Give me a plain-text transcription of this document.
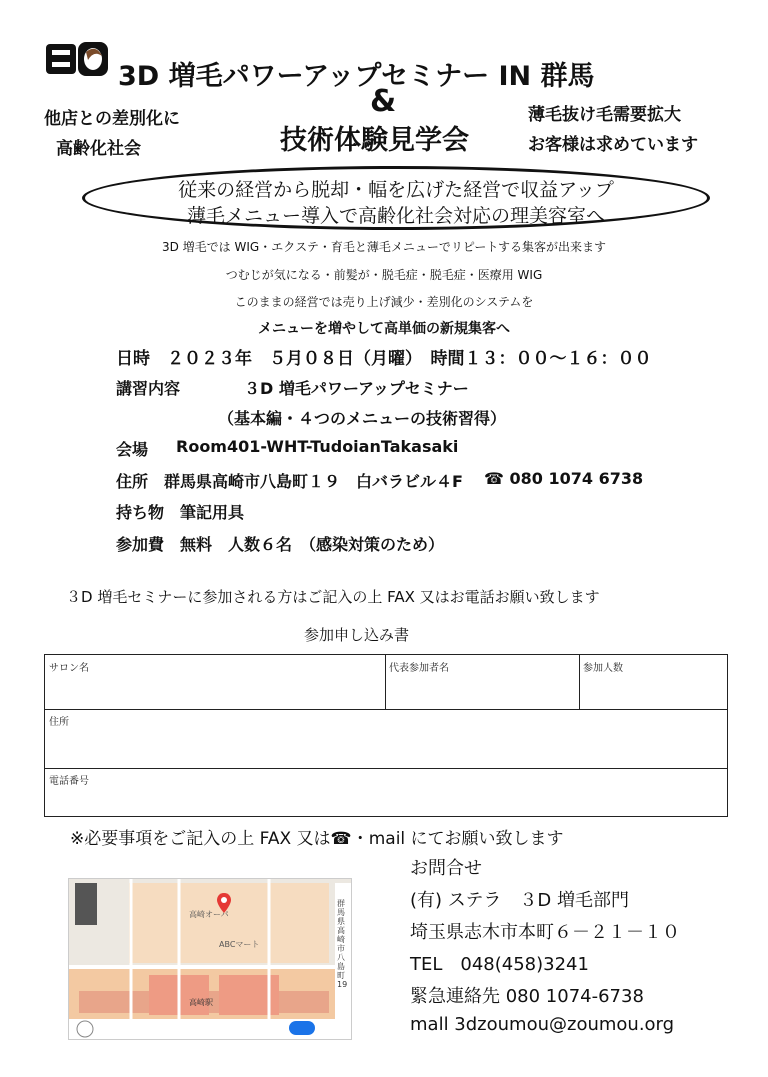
3D 増毛パワーアップセミナー IN 群馬
&
技術体験見学会
他店との差別化に
高齢化社会
薄毛抜け毛需要拡大
お客様は求めています
従来の経営から脱却・幅を広げた経営で収益アップ
薄毛メニュー導入で高齢化社会対応の理美容室へ
3D 増毛では WIG・エクステ・育毛と薄毛メニューでリピートする集客が出来ます
つむじが気になる・前髪が・脱毛症・脱毛症・医療用 WIG
このままの経営では売り上げ減少・差別化のシステムを
メニューを増やして高単価の新規集客へ
日時　２０２３年　５月０８日（月曜）　時間１３：００～１６：００
講習内容	３D 増毛パワーアップセミナー
（基本編・４つのメニューの技術習得）
会場 Room401-WHT-TudoianTakasaki
住所　群馬県高崎市八島町１９　白バラビル４F ☎ 080 1074 6738
持ち物　筆記用具
参加費　無料　人数６名　（感染対策のため）
３D 増毛セミナーに参加される方はご記入の上 FAX 又はお電話お願い致します
参加申し込み書
サロン名	代表参加者名	参加人数
住所
電話番号
※必要事項をご記入の上 FAX 又は☎・mail にてお願い致します
お問合せ
(有) ステラ　３D 増毛部門
埼玉県志木市本町６－２１－１０
TEL　048(458)3241
緊急連絡先 080 1074-6738
mall 3dzoumou@zoumou.org
群馬県高崎市八島町19
高崎オーパ
ABCマート
高崎駅
